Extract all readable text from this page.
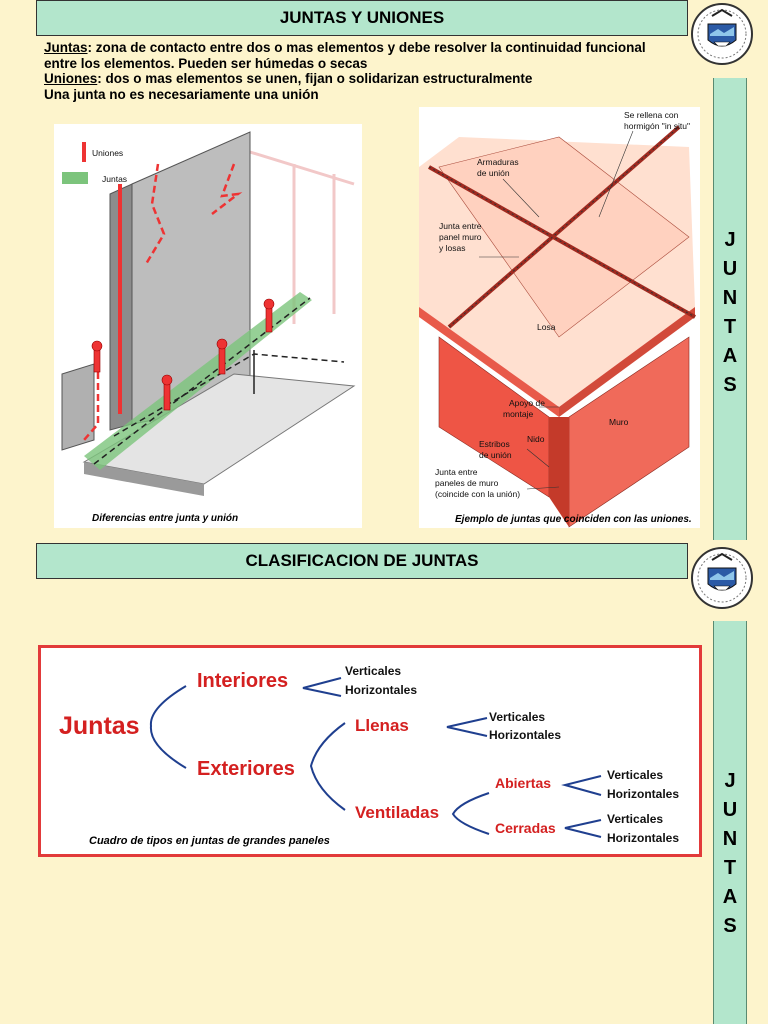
JUNTAS Y UNIONES
J
U
N
T
A
S
J
U
N
T
A
S
Juntas: zona de contacto entre dos o mas elementos y debe resolver la continuidad funcional
entre los elementos. Pueden ser húmedas o secas
Uniones: dos o mas elementos se unen, fijan o solidarizan estructuralmente
Una junta no es necesariamente una unión
Uniones
Juntas
Diferencias entre junta y unión
Se rellena con
hormigón "in situ"
Armaduras
de unión
Junta entre
panel muro
y losas
Losa
Apoyo de
montaje
Muro
Estribos
de unión
Nido
Junta entre
paneles de muro
(coincide con la unión)
Ejemplo de juntas que coinciden con las uniones.
CLASIFICACION DE JUNTAS
Juntas
Interiores
Exteriores
Llenas
Ventiladas
Abiertas
Cerradas
Verticales
Horizontales
Verticales
Horizontales
Verticales
Horizontales
Verticales
Horizontales
Cuadro de tipos en juntas de grandes paneles
